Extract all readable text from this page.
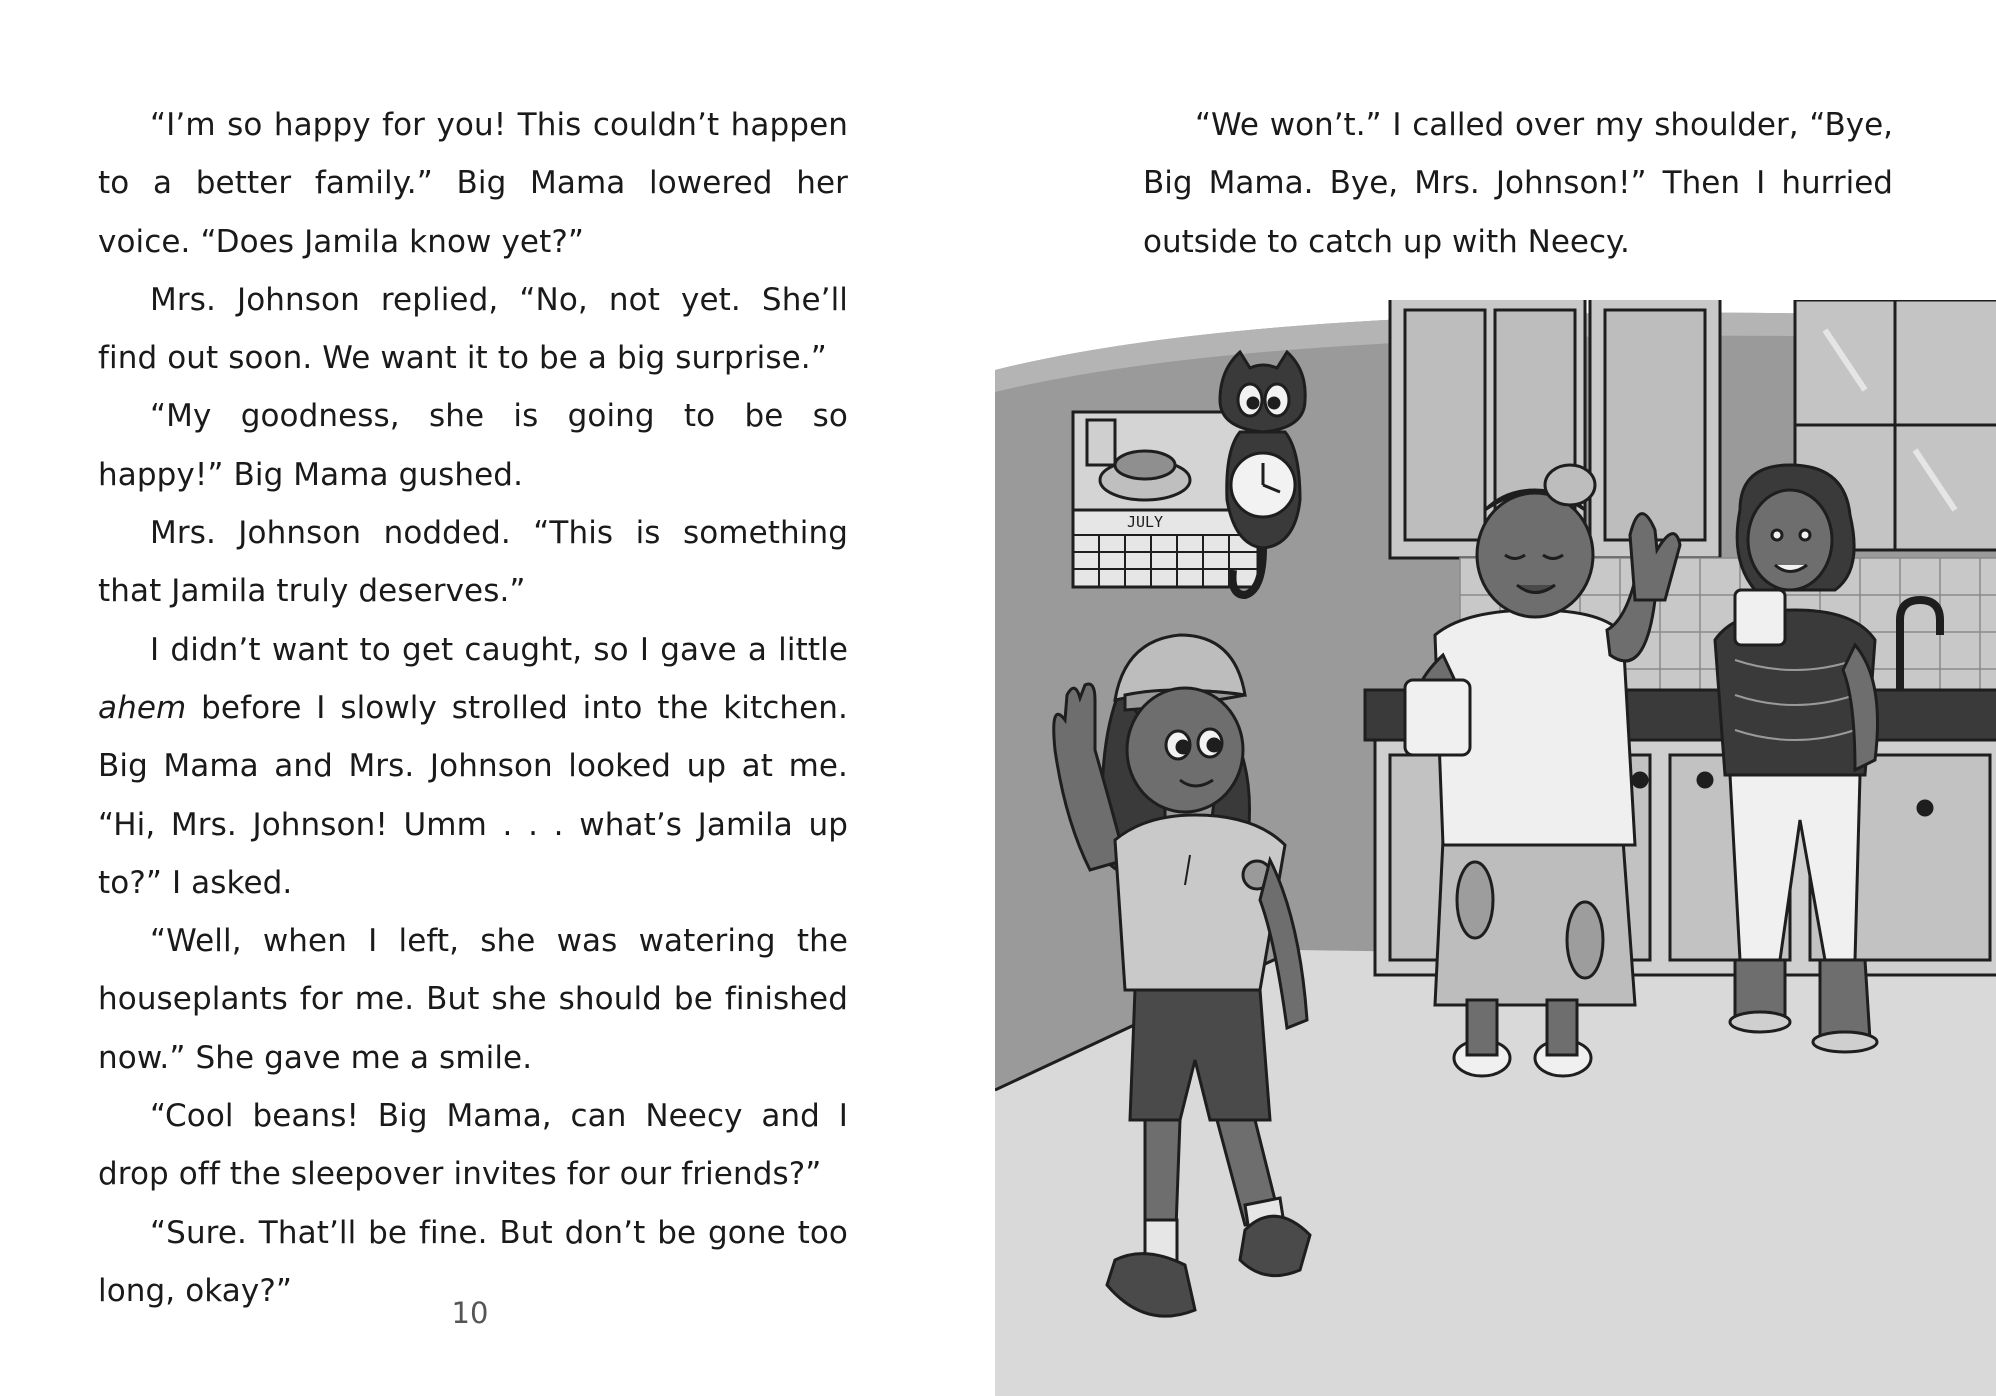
“I’m so happy for you! This couldn’t happen to a better family.” Big Mama lowered her voice. “Does Jamila know yet?”

Mrs. Johnson replied, “No, not yet. She’ll find out soon. We want it to be a big surprise.”

“My goodness, she is going to be so happy!” Big Mama gushed.

Mrs. Johnson nodded. “This is something that Jamila truly deserves.”

I didn’t want to get caught, so I gave a little ahem before I slowly strolled into the kitchen. Big Mama and Mrs. Johnson looked up at me. “Hi, Mrs. Johnson! Umm . . . what’s Jamila up to?” I asked.

“Well, when I left, she was watering the houseplants for me. But she should be finished now.” She gave me a smile.

“Cool beans! Big Mama, can Neecy and I drop off the sleepover invites for our friends?”

“Sure. That’ll be fine. But don’t be gone too long, okay?”

10

“We won’t.” I called over my shoulder, “Bye, Big Mama. Bye, Mrs. Johnson!” Then I hurried outside to catch up with Neecy.

JULY
